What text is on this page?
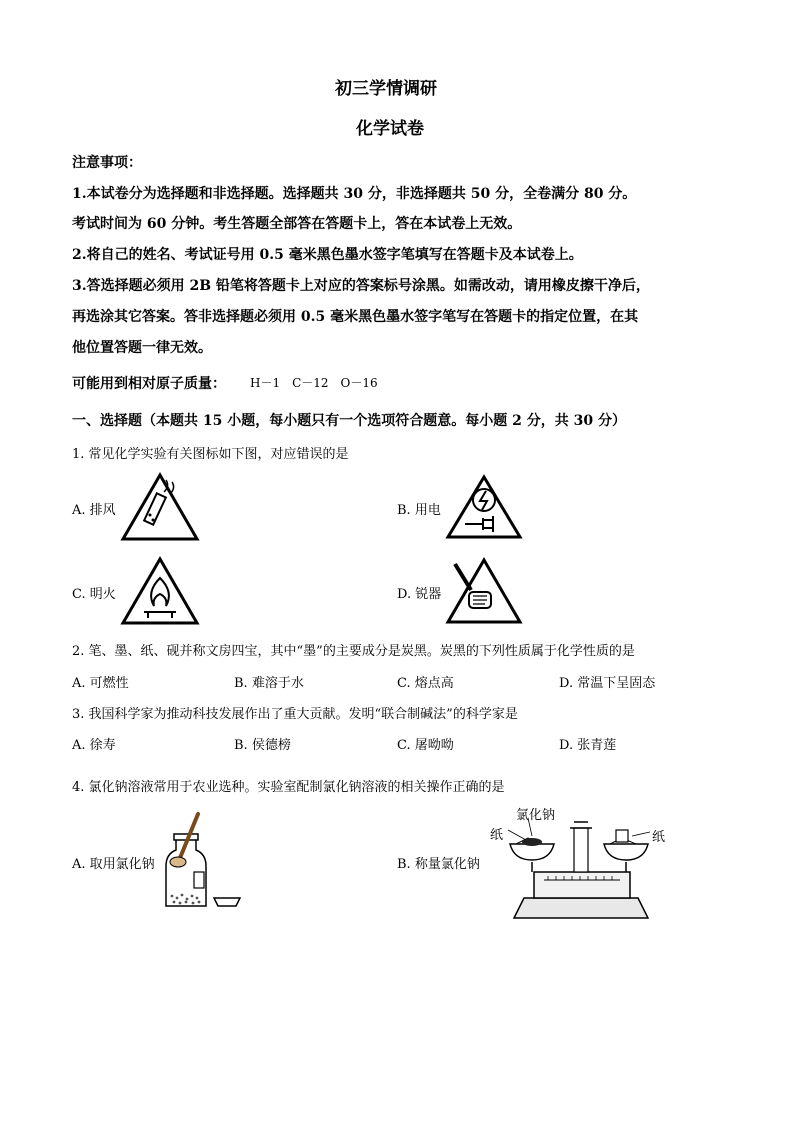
初三学情调研
化学试卷
注意事项：
1.本试卷分为选择题和非选择题。选择题共 30 分，非选择题共 50 分，全卷满分 80 分。
考试时间为 60 分钟。考生答题全部答在答题卡上，答在本试卷上无效。
2.将自己的姓名、考试证号用 0.5 毫米黑色墨水签字笔填写在答题卡及本试卷上。
3.答选择题必须用 2B 铅笔将答题卡上对应的答案标号涂黑。如需改动，请用橡皮擦干净后，
再选涂其它答案。答非选择题必须用 0.5 毫米黑色墨水签字笔写在答题卡的指定位置，在其
他位置答题一律无效。
可能用到相对原子质量： H－1　C－12　O－16
一、选择题（本题共 15 小题，每小题只有一个选项符合题意。每小题 2 分，共 30 分）
1. 常见化学实验有关图标如下图，对应错误的是
A. 排风	B. 用电
C. 明火	D. 锐器
2. 笔、墨、纸、砚并称文房四宝，其中“墨”的主要成分是炭黑。炭黑的下列性质属于化学性质的是
A. 可燃性	B. 难溶于水	C. 熔点高	D. 常温下呈固态
3. 我国科学家为推动科技发展作出了重大贡献。发明“联合制碱法”的科学家是
A. 徐寿	B. 侯德榜	C. 屠呦呦	D. 张青莲
4. 氯化钠溶液常用于农业选种。实验室配制氯化钠溶液的相关操作正确的是
A. 取用氯化钠	B. 称量氯化钠
氯化钠
纸	纸
